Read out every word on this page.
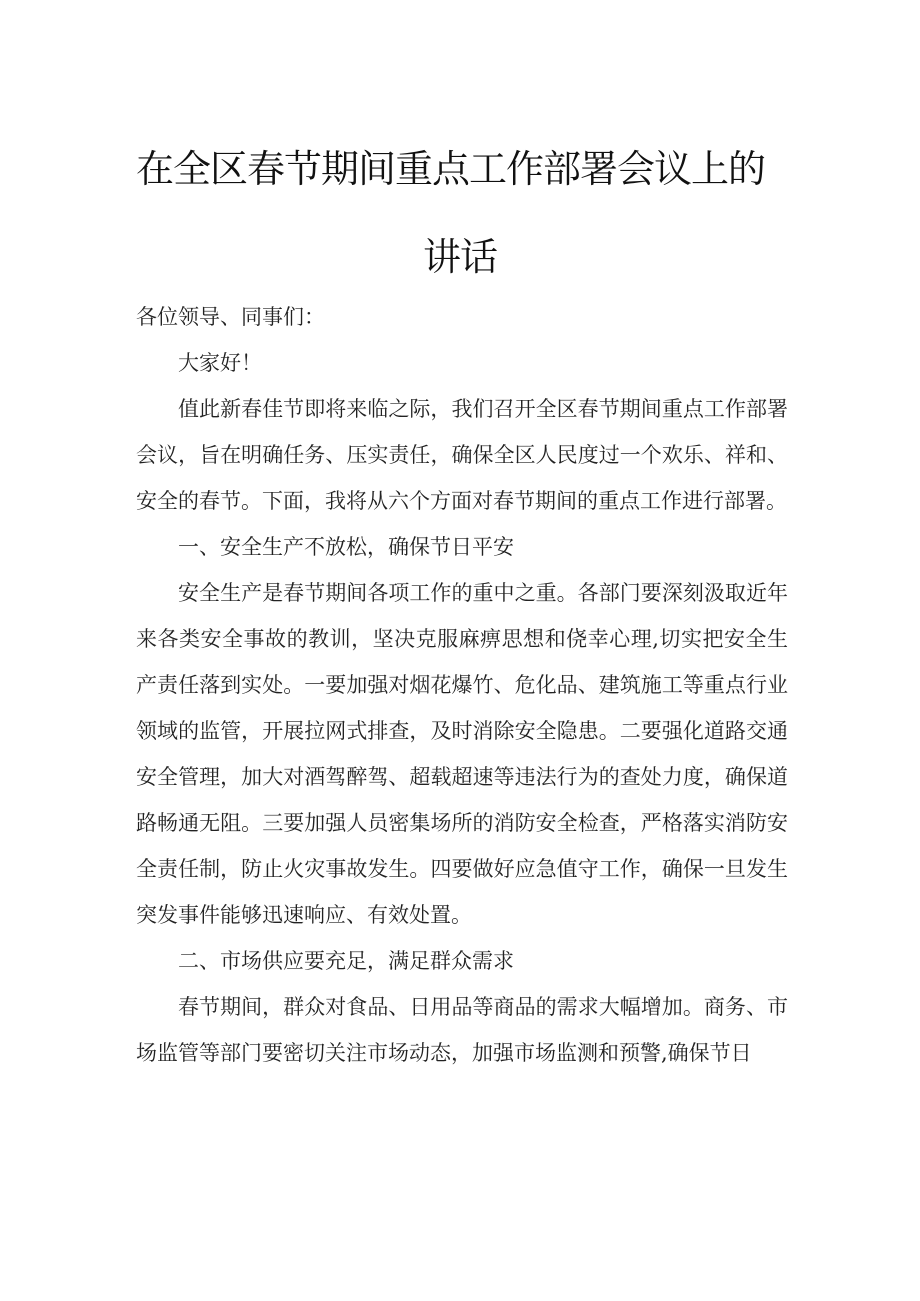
在全区春节期间重点工作部署会议上的
讲话

各位领导、同事们：

大家好！

值此新春佳节即将来临之际，我们召开全区春节期间重点工作部署会议，旨在明确任务、压实责任，确保全区人民度过一个欢乐、祥和、安全的春节。下面，我将从六个方面对春节期间的重点工作进行部署。

一、安全生产不放松，确保节日平安

安全生产是春节期间各项工作的重中之重。各部门要深刻汲取近年来各类安全事故的教训，坚决克服麻痹思想和侥幸心理,切实把安全生产责任落到实处。一要加强对烟花爆竹、危化品、建筑施工等重点行业领域的监管，开展拉网式排查，及时消除安全隐患。二要强化道路交通安全管理，加大对酒驾醉驾、超载超速等违法行为的查处力度，确保道路畅通无阻。三要加强人员密集场所的消防安全检查，严格落实消防安全责任制，防止火灾事故发生。四要做好应急值守工作，确保一旦发生突发事件能够迅速响应、有效处置。

二、市场供应要充足，满足群众需求

春节期间，群众对食品、日用品等商品的需求大幅增加。商务、市场监管等部门要密切关注市场动态，加强市场监测和预警,确保节日
